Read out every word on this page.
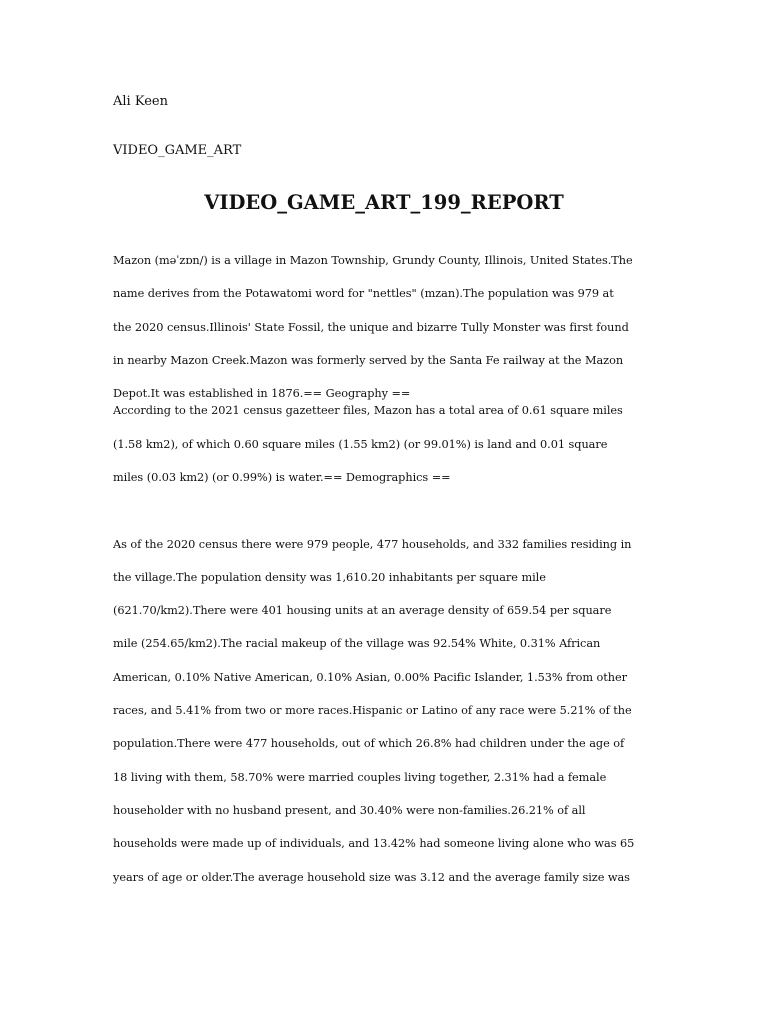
Ali Keen
VIDEO_GAME_ART
VIDEO_GAME_ART_199_REPORT
Mazon (məˈzɒn/) is a village in Mazon Township, Grundy County, Illinois, United States.The
name derives from the Potawatomi word for "nettles" (mzan).The population was 979 at
the 2020 census.Illinois' State Fossil, the unique and bizarre Tully Monster was first found
in nearby Mazon Creek.Mazon was formerly served by the Santa Fe railway at the Mazon
Depot.It was established in 1876.== Geography ==
According to the 2021 census gazetteer files, Mazon has a total area of 0.61 square miles
(1.58 km2), of which 0.60 square miles (1.55 km2) (or 99.01%) is land and 0.01 square
miles (0.03 km2) (or 0.99%) is water.== Demographics ==
As of the 2020 census there were 979 people, 477 households, and 332 families residing in
the village.The population density was 1,610.20 inhabitants per square mile
(621.70/km2).There were 401 housing units at an average density of 659.54 per square
mile (254.65/km2).The racial makeup of the village was 92.54% White, 0.31% African
American, 0.10% Native American, 0.10% Asian, 0.00% Pacific Islander, 1.53% from other
races, and 5.41% from two or more races.Hispanic or Latino of any race were 5.21% of the
population.There were 477 households, out of which 26.8% had children under the age of
18 living with them, 58.70% were married couples living together, 2.31% had a female
householder with no husband present, and 30.40% were non-families.26.21% of all
households were made up of individuals, and 13.42% had someone living alone who was 65
years of age or older.The average household size was 3.12 and the average family size was
